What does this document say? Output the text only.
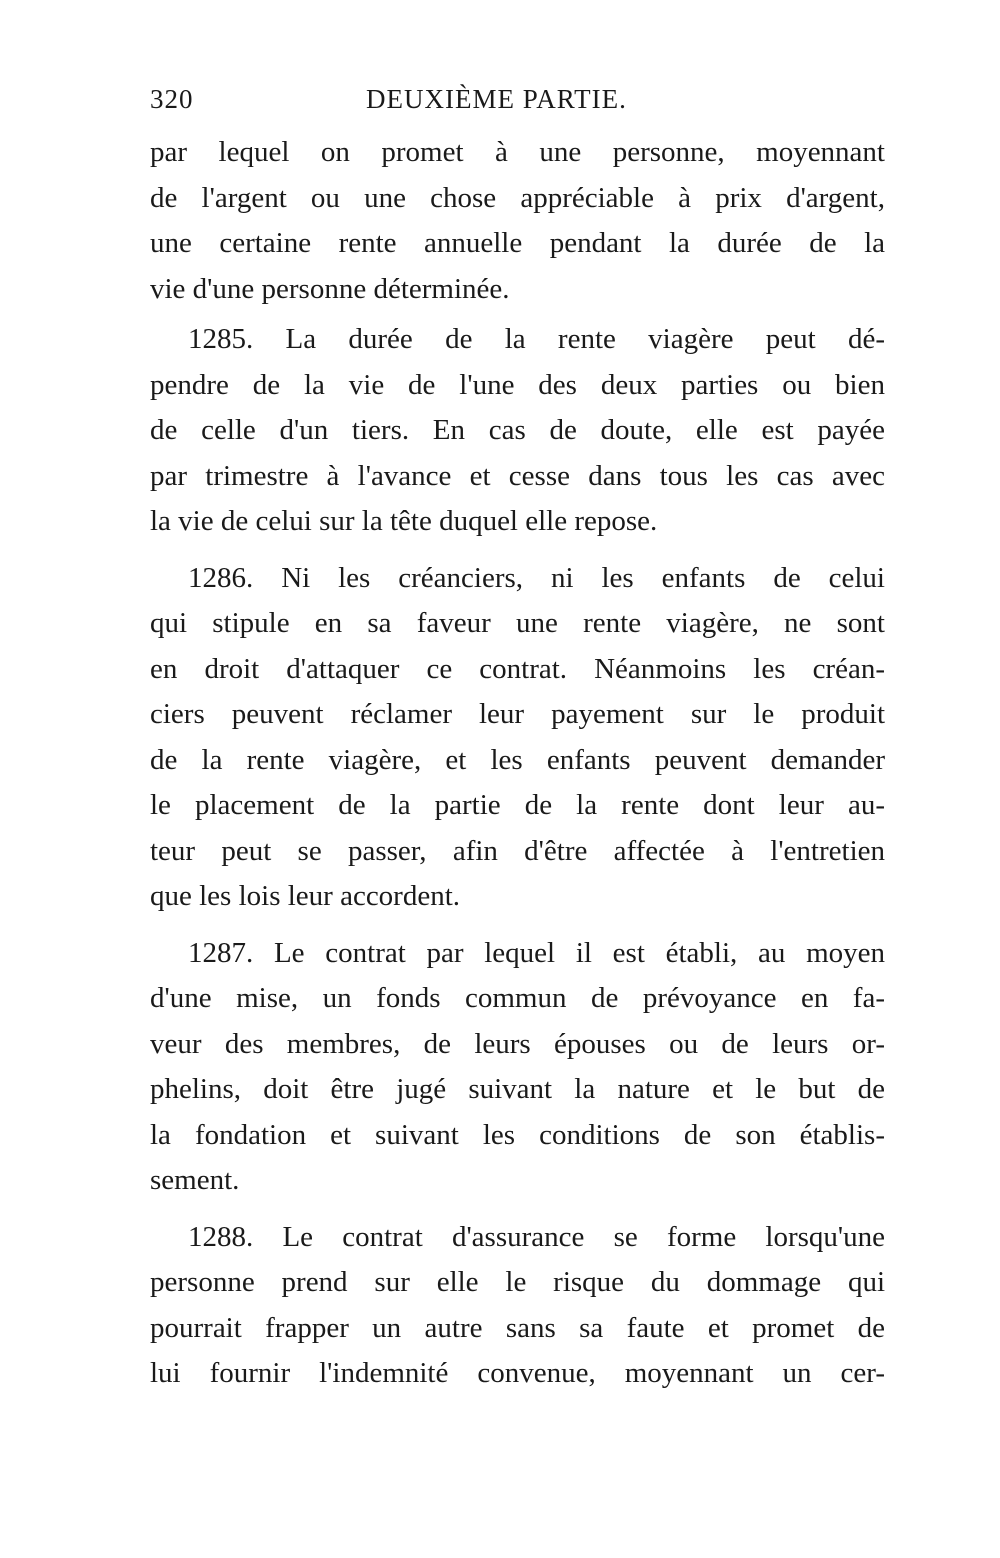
320	DEUXIÈME PARTIE.
par lequel on promet à une personne, moyennant
de l'argent ou une chose appréciable à prix d'argent,
une certaine rente annuelle pendant la durée de la
vie d'une personne déterminée.
1285. La durée de la rente viagère peut dé-
pendre de la vie de l'une des deux parties ou bien
de celle d'un tiers. En cas de doute, elle est payée
par trimestre à l'avance et cesse dans tous les cas avec
la vie de celui sur la tête duquel elle repose.
1286. Ni les créanciers, ni les enfants de celui
qui stipule en sa faveur une rente viagère, ne sont
en droit d'attaquer ce contrat. Néanmoins les créan-
ciers peuvent réclamer leur payement sur le produit
de la rente viagère, et les enfants peuvent demander
le placement de la partie de la rente dont leur au-
teur peut se passer, afin d'être affectée à l'entretien
que les lois leur accordent.
1287. Le contrat par lequel il est établi, au moyen
d'une mise, un fonds commun de prévoyance en fa-
veur des membres, de leurs épouses ou de leurs or-
phelins, doit être jugé suivant la nature et le but de
la fondation et suivant les conditions de son établis-
sement.
1288. Le contrat d'assurance se forme lorsqu'une
personne prend sur elle le risque du dommage qui
pourrait frapper un autre sans sa faute et promet de
lui fournir l'indemnité convenue, moyennant un cer-
